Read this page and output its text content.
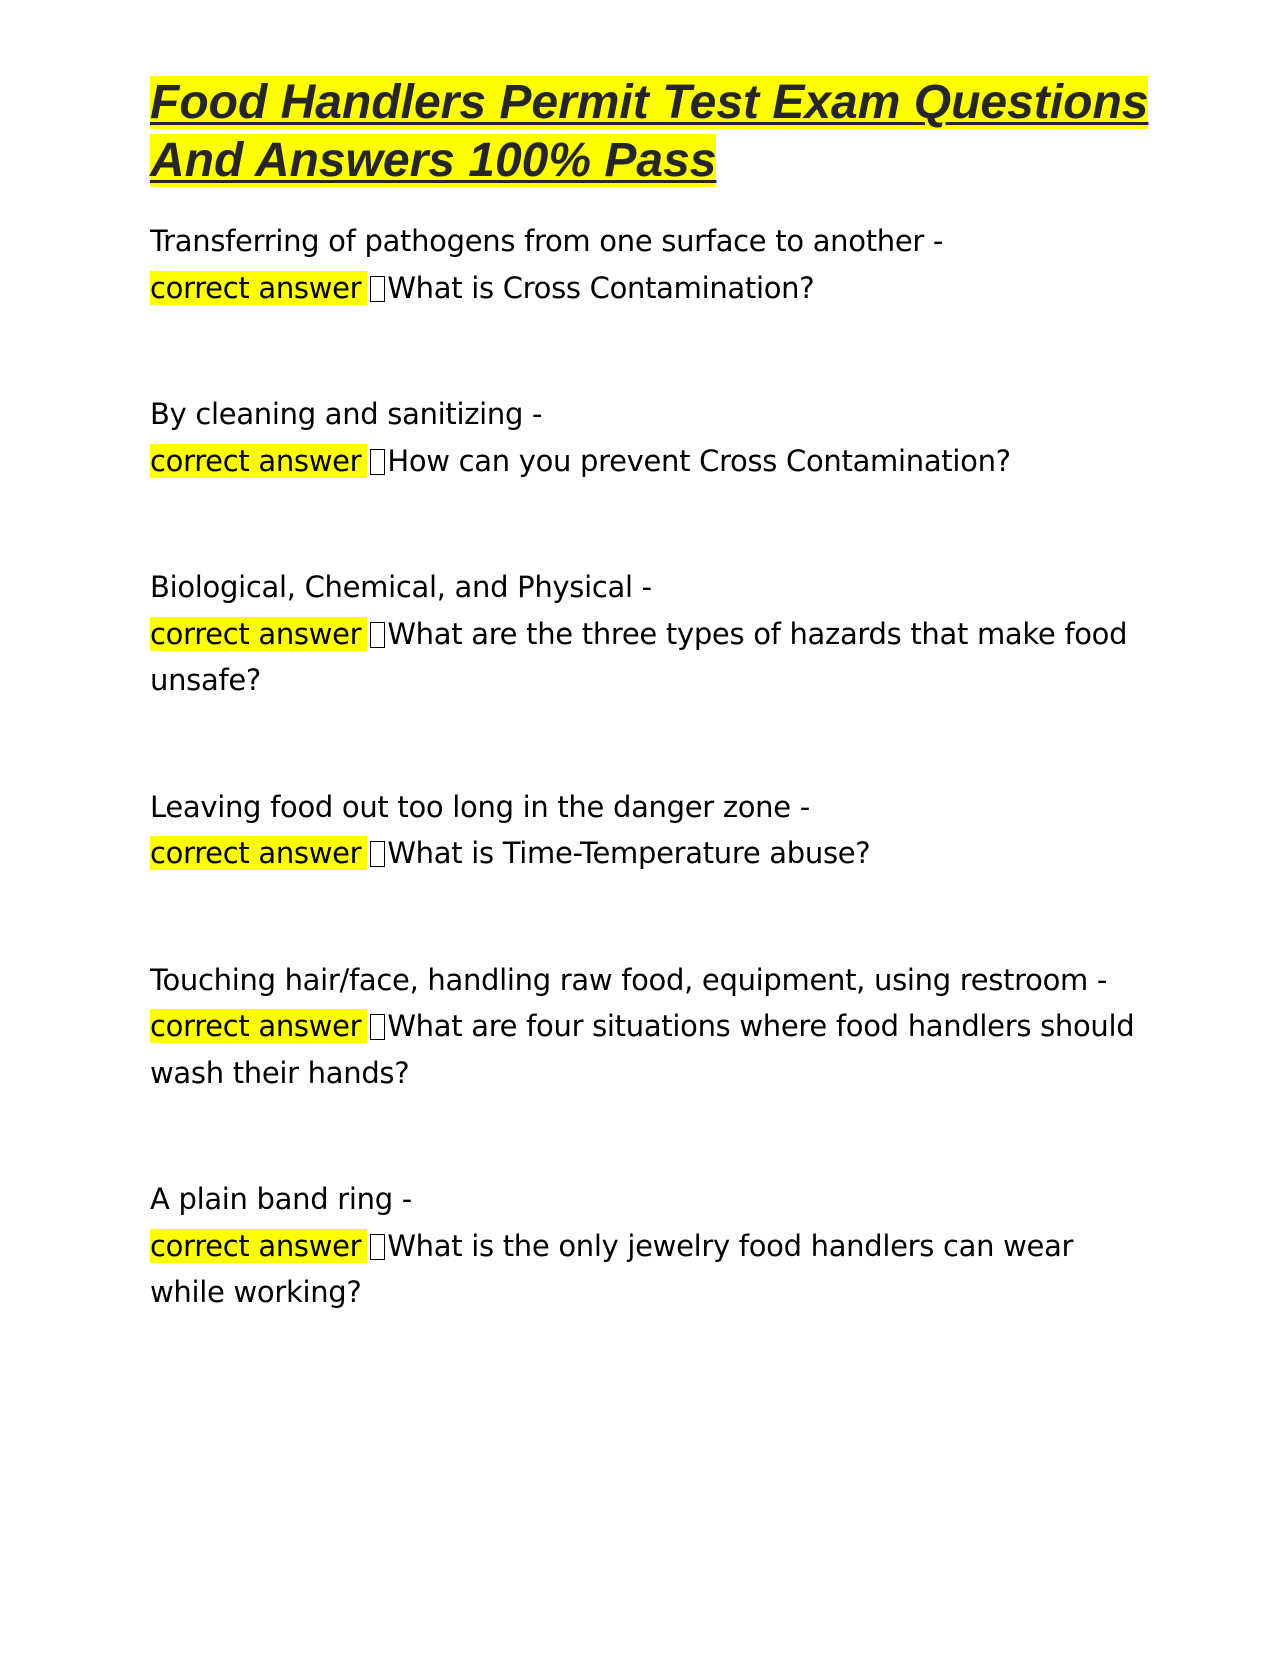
Food Handlers Permit Test Exam Questions And Answers 100% Pass
Transferring of pathogens from one surface to another -
correct answer What is Cross Contamination?
By cleaning and sanitizing -
correct answer How can you prevent Cross Contamination?
Biological, Chemical, and Physical -
correct answer What are the three types of hazards that make food unsafe?
Leaving food out too long in the danger zone -
correct answer What is Time-Temperature abuse?
Touching hair/face, handling raw food, equipment, using restroom -
correct answer What are four situations where food handlers should wash their hands?
A plain band ring -
correct answer What is the only jewelry food handlers can wear while working?
